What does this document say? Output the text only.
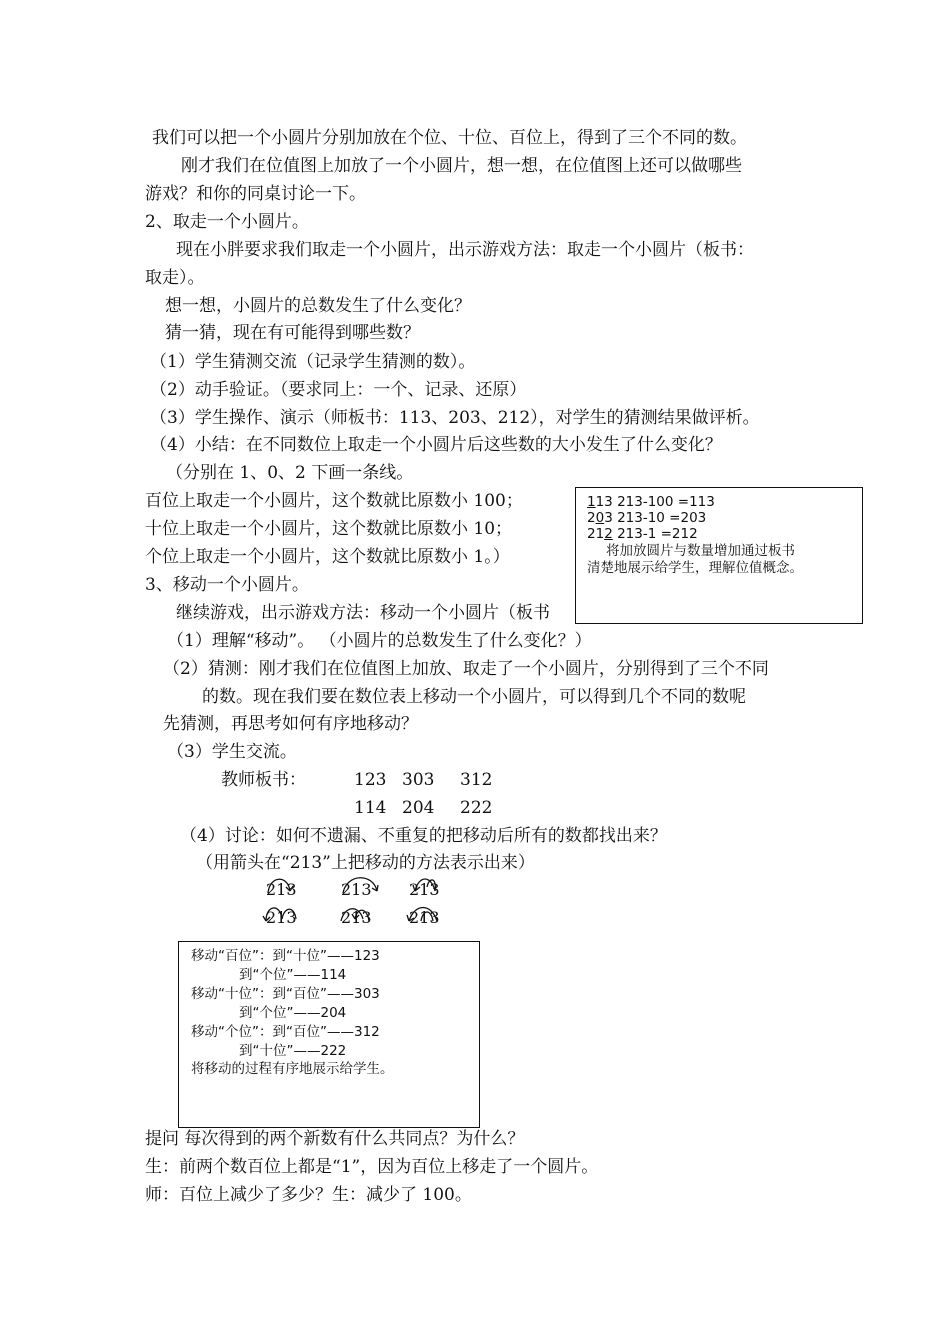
我们可以把一个小圆片分别加放在个位、十位、百位上，得到了三个不同的数。
刚才我们在位值图上加放了一个小圆片，想一想，在位值图上还可以做哪些
游戏？和你的同桌讨论一下。
2、取走一个小圆片。
现在小胖要求我们取走一个小圆片，出示游戏方法：取走一个小圆片（板书：
取走）。
想一想，小圆片的总数发生了什么变化？
猜一猜，现在有可能得到哪些数？
（1）学生猜测交流（记录学生猜测的数）。
（2）动手验证。（要求同上：一个、记录、还原）
（3）学生操作、演示（师板书：113、203、212），对学生的猜测结果做评析。
（4）小结：在不同数位上取走一个小圆片后这些数的大小发生了什么变化？
（分别在 1、0、2 下画一条线。
百位上取走一个小圆片，这个数就比原数小 100；
十位上取走一个小圆片，这个数就比原数小 10；
个位上取走一个小圆片，这个数就比原数小 1。）
3、移动一个小圆片。
继续游戏，出示游戏方法：移动一个小圆片（板书
（1）理解“移动”。 （小圆片的总数发生了什么变化？）
（2）猜测：刚才我们在位值图上加放、取走了一个小圆片，分别得到了三个不同
的数。现在我们要在数位表上移动一个小圆片，可以得到几个不同的数呢
先猜测，再思考如何有序地移动？
（3）学生交流。
教师板书：	123 303 312
114 204 222
（4）讨论：如何不遗漏、不重复的把移动后所有的数都找出来？
（用箭头在“213”上把移动的方法表示出来）
213	213 213
213	213 213
提问 每次得到的两个新数有什么共同点？为什么？
生：前两个数百位上都是“1”，因为百位上移走了一个圆片。
师：百位上减少了多少？生：减少了 100。
113 213-100 =113
203 213-10 =203
212 213-1 =212
将加放圆片与数量增加通过板书
清楚地展示给学生，理解位值概念。
移动“百位”：到“十位”——123
到“个位”——114
移动“十位”：到“百位”——303
到“个位”——204
移动“个位”：到“百位”——312
到“十位”——222
将移动的过程有序地展示给学生。
